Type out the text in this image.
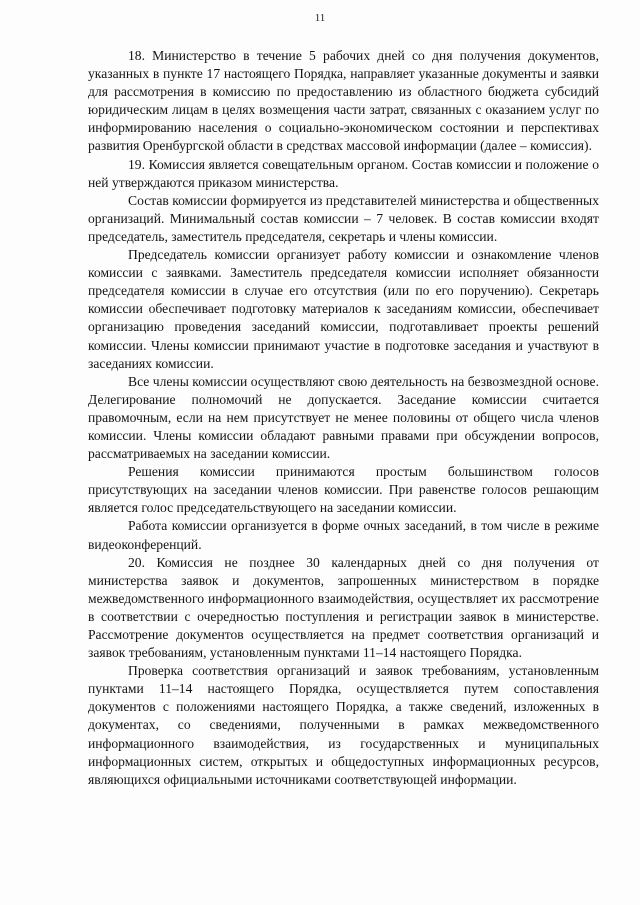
11

18. Министерство в течение 5 рабочих дней со дня получения документов, указанных в пункте 17 настоящего Порядка, направляет указанные документы и заявки для рассмотрения в комиссию по предоставлению из областного бюджета субсидий юридическим лицам в целях возмещения части затрат, связанных с оказанием услуг по информированию населения о социально-экономическом состоянии и перспективах развития Оренбургской области в средствах массовой информации (далее – комиссия).

19. Комиссия является совещательным органом. Состав комиссии и положение о ней утверждаются приказом министерства.

Состав комиссии формируется из представителей министерства и общественных организаций. Минимальный состав комиссии – 7 человек. В состав комиссии входят председатель, заместитель председателя, секретарь и члены комиссии.

Председатель комиссии организует работу комиссии и ознакомление членов комиссии с заявками. Заместитель председателя комиссии исполняет обязанности председателя комиссии в случае его отсутствия (или по его поручению). Секретарь комиссии обеспечивает подготовку материалов к заседаниям комиссии, обеспечивает организацию проведения заседаний комиссии, подготавливает проекты решений комиссии. Члены комиссии принимают участие в подготовке заседания и участвуют в заседаниях комиссии.

Все члены комиссии осуществляют свою деятельность на безвозмездной основе. Делегирование полномочий не допускается. Заседание комиссии считается правомочным, если на нем присутствует не менее половины от общего числа членов комиссии. Члены комиссии обладают равными правами при обсуждении вопросов, рассматриваемых на заседании комиссии.

Решения комиссии принимаются простым большинством голосов присутствующих на заседании членов комиссии. При равенстве голосов решающим является голос председательствующего на заседании комиссии.

Работа комиссии организуется в форме очных заседаний, в том числе в режиме видеоконференций.

20. Комиссия не позднее 30 календарных дней со дня получения от министерства заявок и документов, запрошенных министерством в порядке межведомственного информационного взаимодействия, осуществляет их рассмотрение в соответствии с очередностью поступления и регистрации заявок в министерстве. Рассмотрение документов осуществляется на предмет соответствия организаций и заявок требованиям, установленным пунктами 11–14 настоящего Порядка.

Проверка соответствия организаций и заявок требованиям, установленным пунктами 11–14 настоящего Порядка, осуществляется путем сопоставления документов с положениями настоящего Порядка, а также сведений, изложенных в документах, со сведениями, полученными в рамках межведомственного информационного взаимодействия, из государственных и муниципальных информационных систем, открытых и общедоступных информационных ресурсов, являющихся официальными источниками соответствующей информации.
